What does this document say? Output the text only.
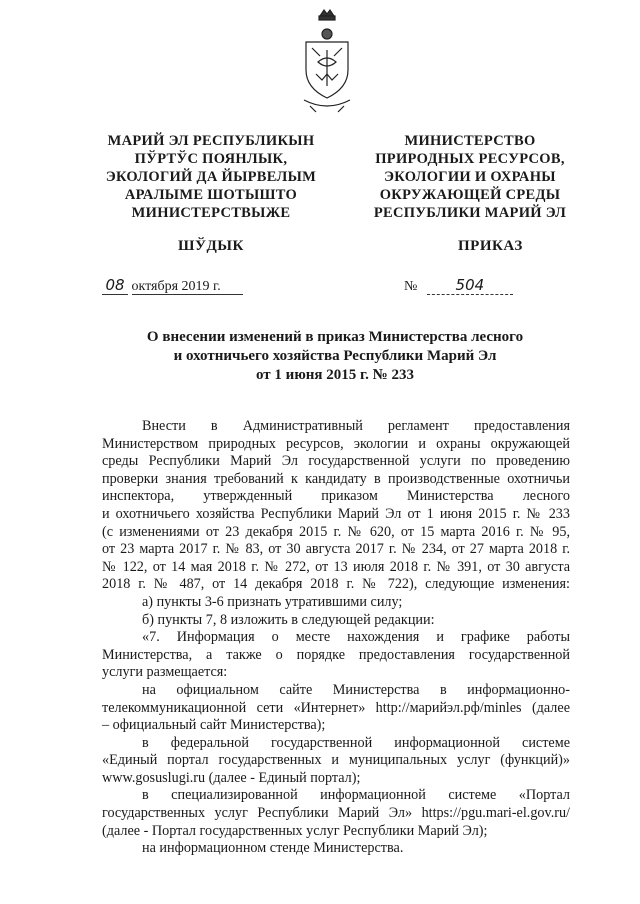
МАРИЙ ЭЛ РЕСПУБЛИКЫН
ПЎРТЎС ПОЯНЛЫК,
ЭКОЛОГИЙ ДА ЙЫРВЕЛЫМ
АРАЛЫМЕ ШОТЫШТО
МИНИСТЕРСТВЫЖЕ
МИНИСТЕРСТВО
ПРИРОДНЫХ РЕСУРСОВ,
ЭКОЛОГИИ И ОХРАНЫ
ОКРУЖАЮЩЕЙ СРЕДЫ
РЕСПУБЛИКИ МАРИЙ ЭЛ
ШЎДЫК	ПРИКАЗ
08 октября 2019 г.	№	504
О внесении изменений в приказ Министерства лесного
и охотничьего хозяйства Республики Марий Эл
от 1 июня 2015 г. № 233
Внести в Административный регламент предоставления
Министерством природных ресурсов, экологии и охраны окружающей
среды Республики Марий Эл государственной услуги по проведению
проверки знания требований к кандидату в производственные охотничьи
инспектора, утвержденный приказом Министерства лесного
и охотничьего хозяйства Республики Марий Эл от 1 июня 2015 г. № 233
(с изменениями от 23 декабря 2015 г. № 620, от 15 марта 2016 г. № 95,
от 23 марта 2017 г. № 83, от 30 августа 2017 г. № 234, от 27 марта 2018 г.
№ 122, от 14 мая 2018 г. № 272, от 13 июля 2018 г. № 391, от 30 августа
2018 г. № 487, от 14 декабря 2018 г. № 722), следующие изменения:
а) пункты 3-6 признать утратившими силу;
б) пункты 7, 8 изложить в следующей редакции:
«7. Информация о месте нахождения и графике работы
Министерства, а также о порядке предоставления государственной
услуги размещается:
на официальном сайте Министерства в информационно-
телекоммуникационной сети «Интернет» http://марийэл.рф/minles (далее
– официальный сайт Министерства);
в федеральной государственной информационной системе
«Единый портал государственных и муниципальных услуг (функций)»
www.gosuslugi.ru (далее - Единый портал);
в специализированной информационной системе «Портал
государственных услуг Республики Марий Эл» https://pgu.mari-el.gov.ru/
(далее - Портал государственных услуг Республики Марий Эл);
на информационном стенде Министерства.
